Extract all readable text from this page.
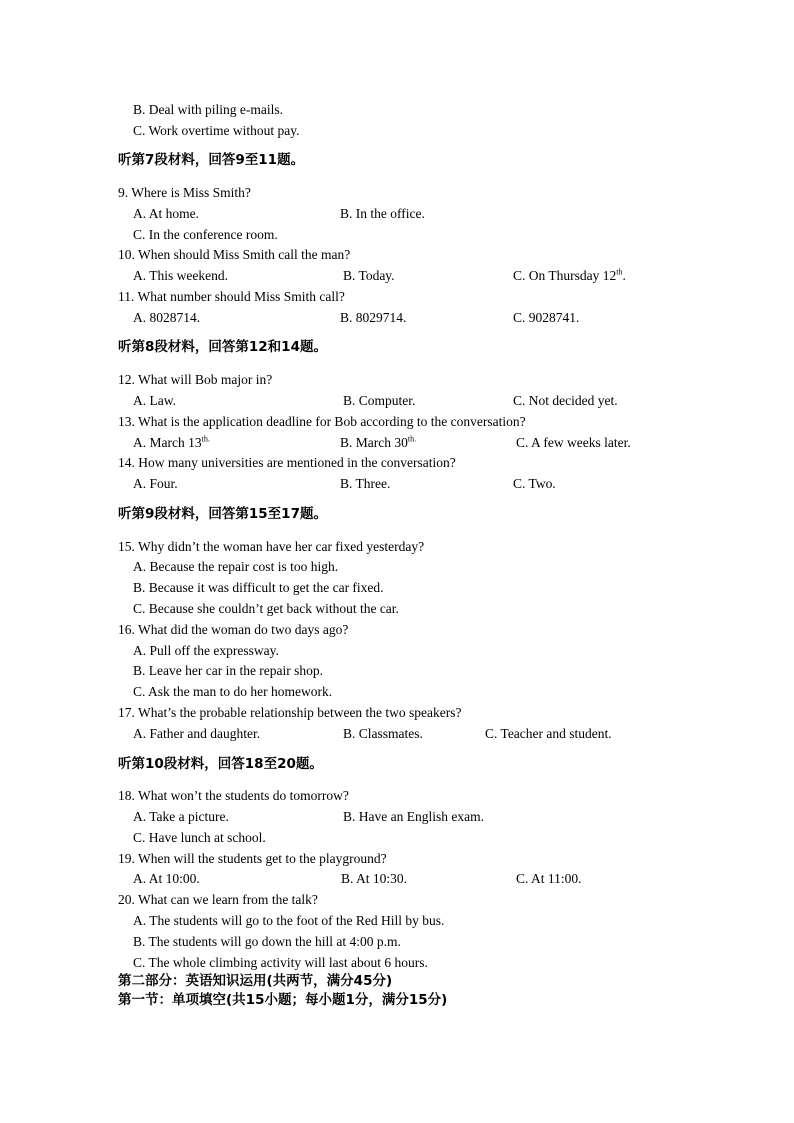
B. Deal with piling e-mails.
C. Work overtime without pay.
听第7段材料，回答9至11题。
9. Where is Miss Smith?
A. At home.	B. In the office.
C. In the conference room.
10. When should Miss Smith call the man?
A. This weekend.	B. Today.	C. On Thursday 12th.
11. What number should Miss Smith call?
A. 8028714.	B. 8029714.	C. 9028741.
听第8段材料，回答第12和14题。
12. What will Bob major in?
A. Law.	B. Computer.	C. Not decided yet.
13. What is the application deadline for Bob according to the conversation?
A. March $13^{th.}$	B. March $30^{th.}$	C. A few weeks later.
14. How many universities are mentioned in the conversation?
A. Four.	B. Three.	C. Two.
听第9段材料，回答第15至17题。
15. Why didn’t the woman have her car fixed yesterday?
A. Because the repair cost is too high.
B. Because it was difficult to get the car fixed.
C. Because she couldn’t get back without the car.
16. What did the woman do two days ago?
A. Pull off the expressway.
B. Leave her car in the repair shop.
C. Ask the man to do her homework.
17. What’s the probable relationship between the two speakers?
A. Father and daughter.	B. Classmates.	C. Teacher and student.
听第10段材料，回答18至20题。
18. What won’t the students do tomorrow?
A. Take a picture.	B. Have an English exam.
C. Have lunch at school.
19. When will the students get to the playground?
A. At 10:00.	B. At 10:30.	C. At 11:00.
20. What can we learn from the talk?
A. The students will go to the foot of the Red Hill by bus.
B. The students will go down the hill at 4:00 p.m.
C. The whole climbing activity will last about 6 hours.
第二部分：英语知识运用(共两节，满分45分)
第一节：单项填空(共15小题；每小题1分，满分15分)
